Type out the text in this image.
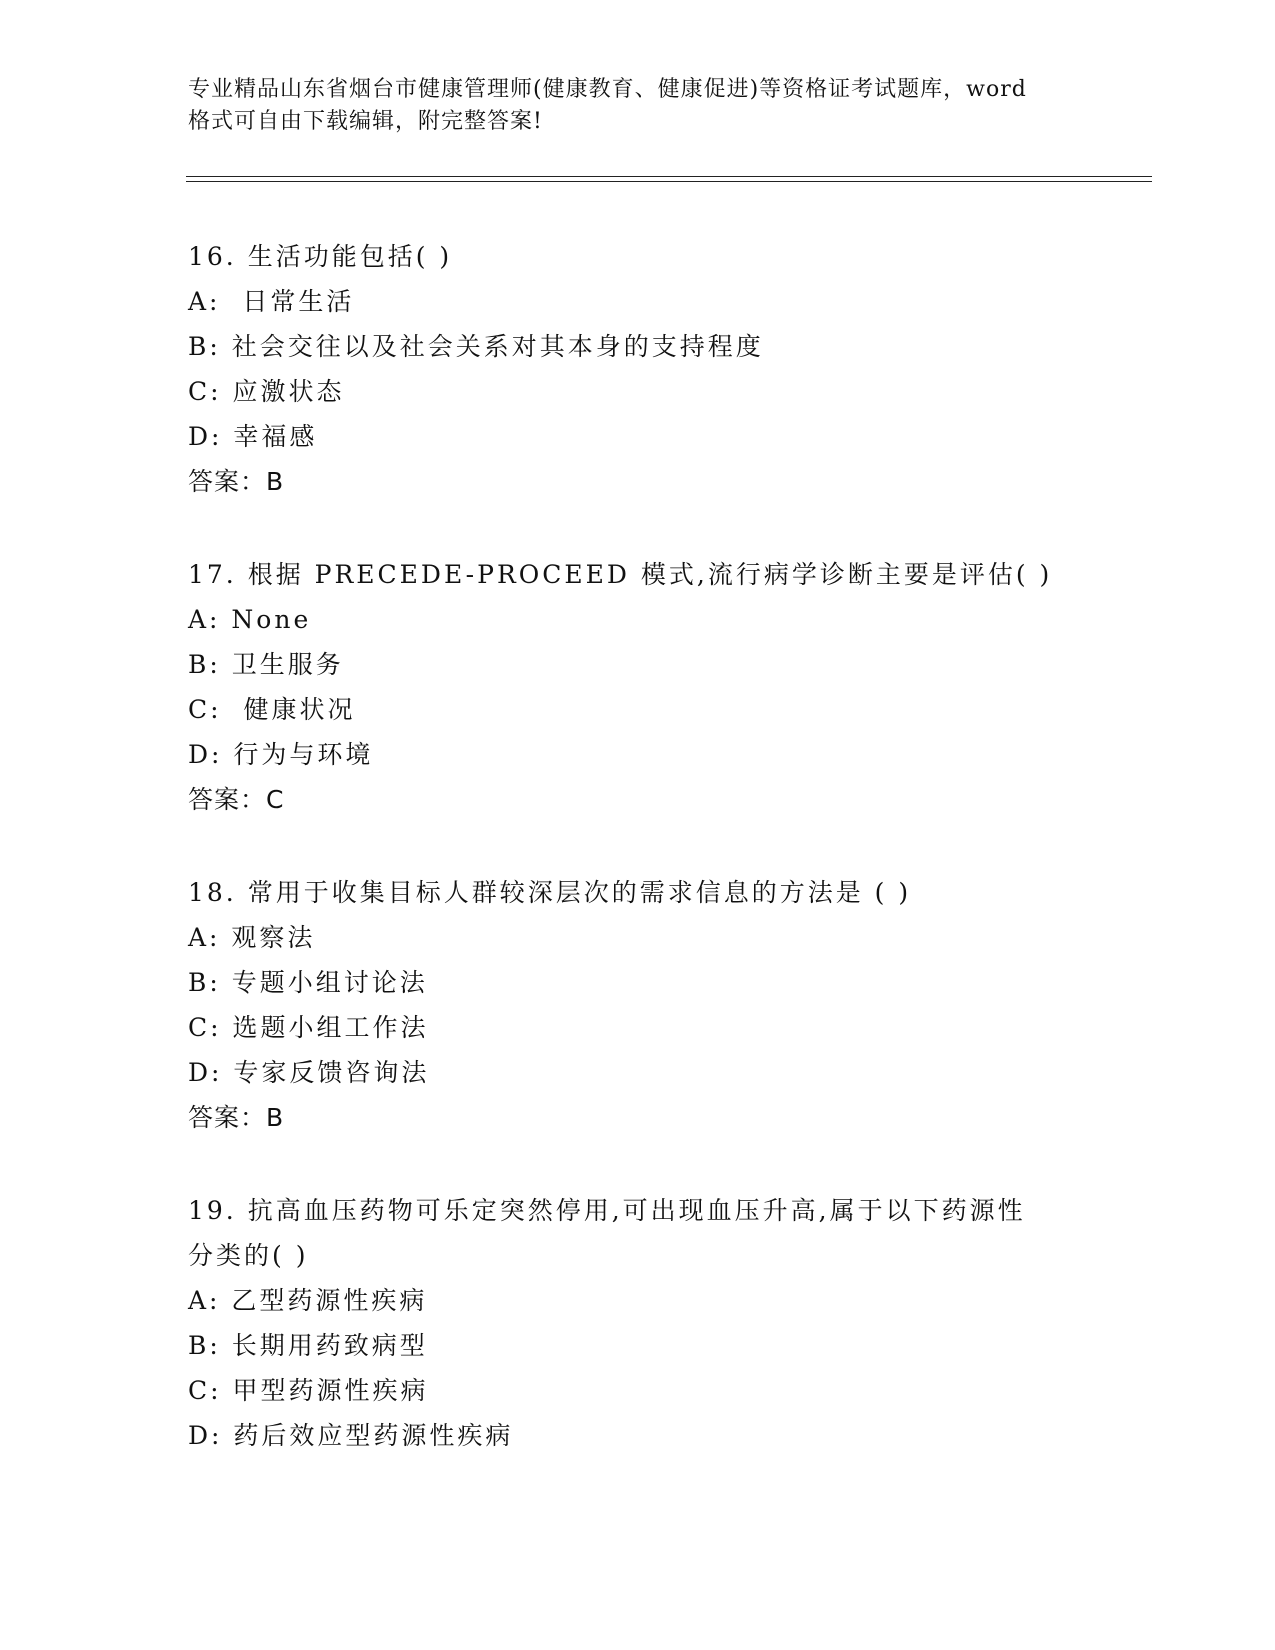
专业精品山东省烟台市健康管理师(健康教育、健康促进)等资格证考试题库，word
格式可自由下载编辑，附完整答案!

16. 生活功能包括( )

A:  日常生活

B: 社会交往以及社会关系对其本身的支持程度

C: 应激状态

D: 幸福感

答案：B

17. 根据 PRECEDE-PROCEED 模式,流行病学诊断主要是评估( )

A: None

B: 卫生服务

C:  健康状况

D: 行为与环境

答案：C

18. 常用于收集目标人群较深层次的需求信息的方法是 ( )

A: 观察法

B: 专题小组讨论法

C: 选题小组工作法

D: 专家反馈咨询法

答案：B

19. 抗高血压药物可乐定突然停用,可出现血压升高,属于以下药源性

分类的( )

A: 乙型药源性疾病

B: 长期用药致病型

C: 甲型药源性疾病

D: 药后效应型药源性疾病
